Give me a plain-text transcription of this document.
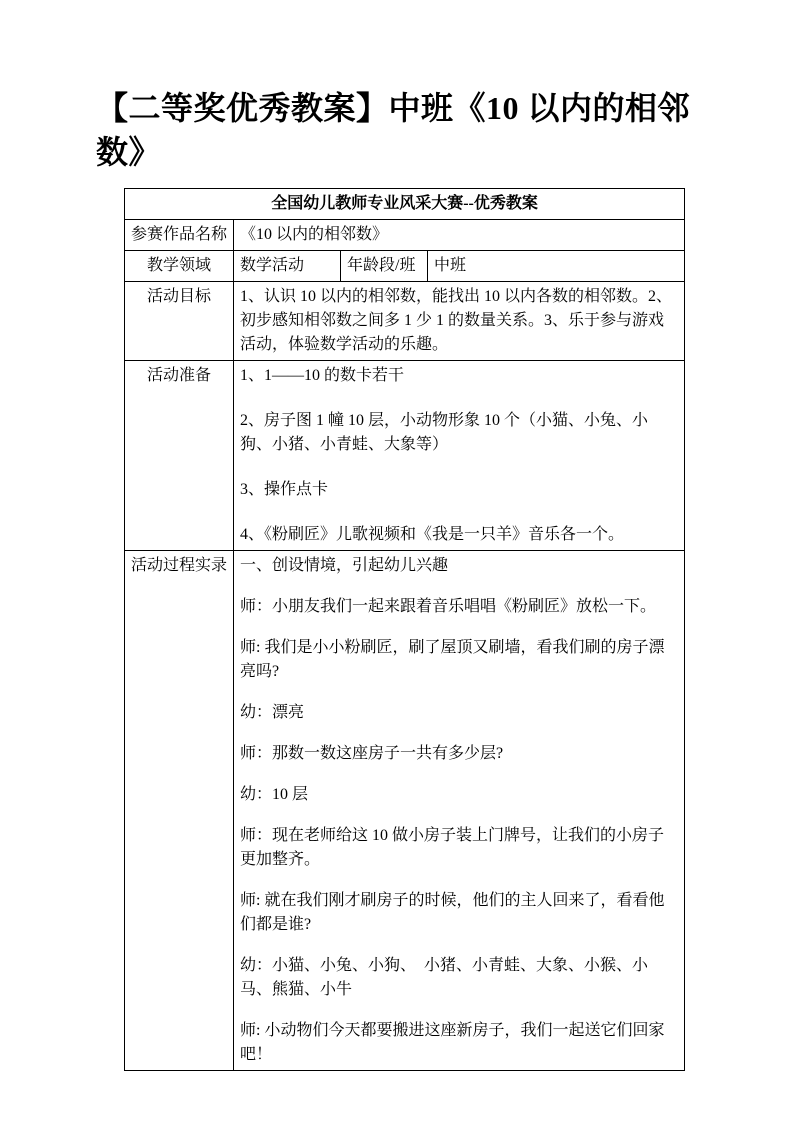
【二等奖优秀教案】中班《10 以内的相邻数》
全国幼儿教师专业风采大赛--优秀教案			
参赛作品名称	《10 以内的相邻数》		
教学领域	数学活动	年龄段/班	中班
活动目标	1、认识 10 以内的相邻数，能找出 10 以内各数的相邻数。2、初步感知相邻数之间多 1 少 1 的数量关系。3、乐于参与游戏活动，体验数学活动的乐趣。		
活动准备	1、1——10 的数卡若干
2、房子图 1 幢 10 层，小动物形象 10 个（小猫、小兔、小狗、小猪、小青蛙、大象等）
3、操作点卡
4、《粉刷匠》儿歌视频和《我是一只羊》音乐各一个。		

活动过程实录	一、创设情境，引起幼儿兴趣
师：小朋友我们一起来跟着音乐唱唱《粉刷匠》放松一下。
师: 我们是小小粉刷匠，刷了屋顶又刷墙，看我们刷的房子漂亮吗?
幼：漂亮
师：那数一数这座房子一共有多少层?
幼：10 层
师：现在老师给这 10 做小房子装上门牌号，让我们的小房子更加整齐。
师: 就在我们刚才刷房子的时候，他们的主人回来了，看看他们都是谁?
幼：小猫、小兔、小狗、　小猪、小青蛙、大象、小猴、小马、熊猫、小牛
师: 小动物们今天都要搬进这座新房子，我们一起送它们回家吧！
